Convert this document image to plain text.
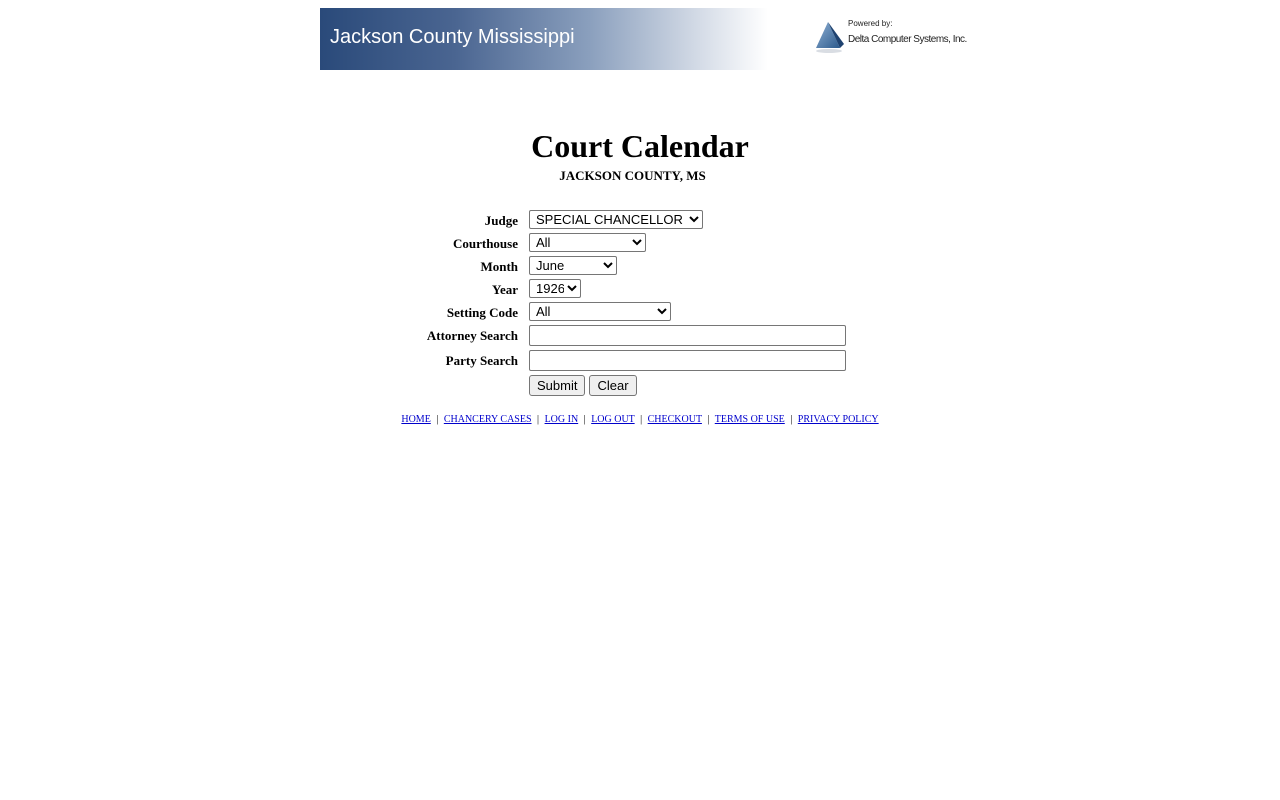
Jackson County Mississippi
Powered by:
Delta Computer Systems, Inc.
Court Calendar
JACKSON COUNTY, MS
Judge
SPECIAL CHANCELLOR
Courthouse
All
Month
June
Year
1926
Setting Code
All
Attorney Search
Party Search
Submit Clear
HOME | CHANCERY CASES | LOG IN | LOG OUT | CHECKOUT | TERMS OF USE | PRIVACY POLICY
